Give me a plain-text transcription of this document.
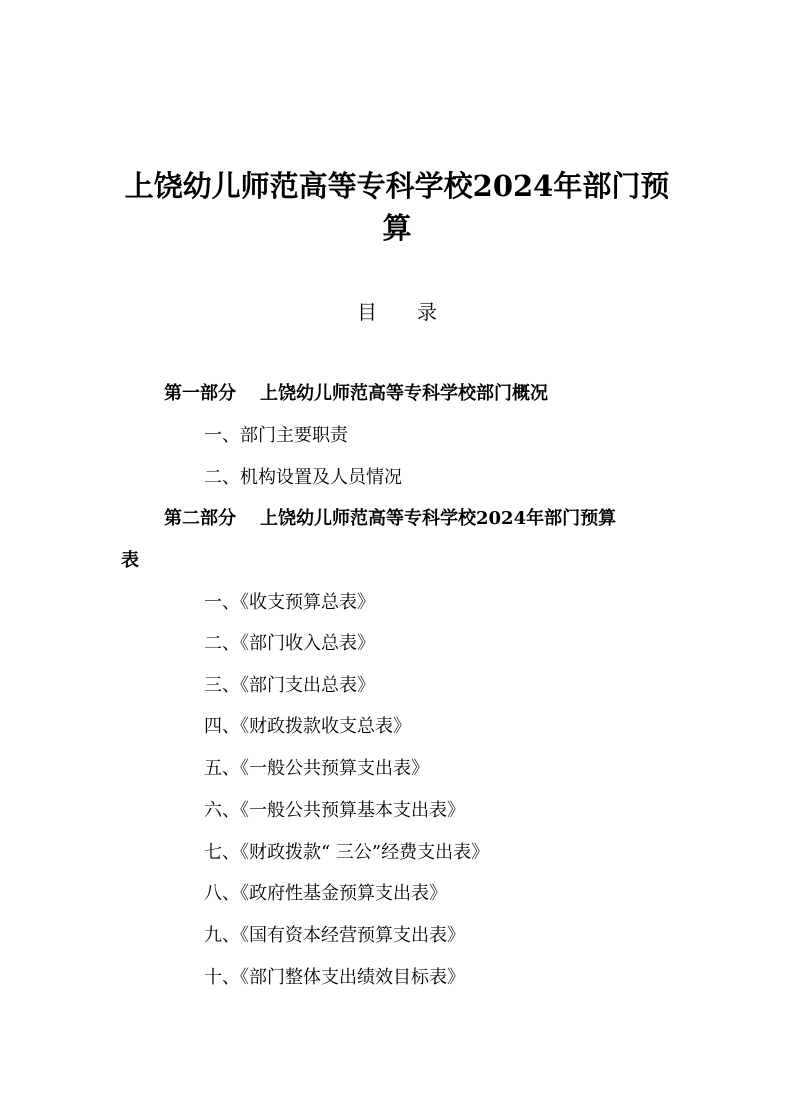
上饶幼儿师范高等专科学校2024年部门预
算
目 录
第一部分 上饶幼儿师范高等专科学校部门概况
一、部门主要职责
二、机构设置及人员情况
第二部分 上饶幼儿师范高等专科学校2024年部门预算
表
一、《收支预算总表》
二、《部门收入总表》
三、《部门支出总表》
四、《财政拨款收支总表》
五、《一般公共预算支出表》
六、《一般公共预算基本支出表》
七、《财政拨款“ 三公”经费支出表》
八、《政府性基金预算支出表》
九、《国有资本经营预算支出表》
十、《部门整体支出绩效目标表》
